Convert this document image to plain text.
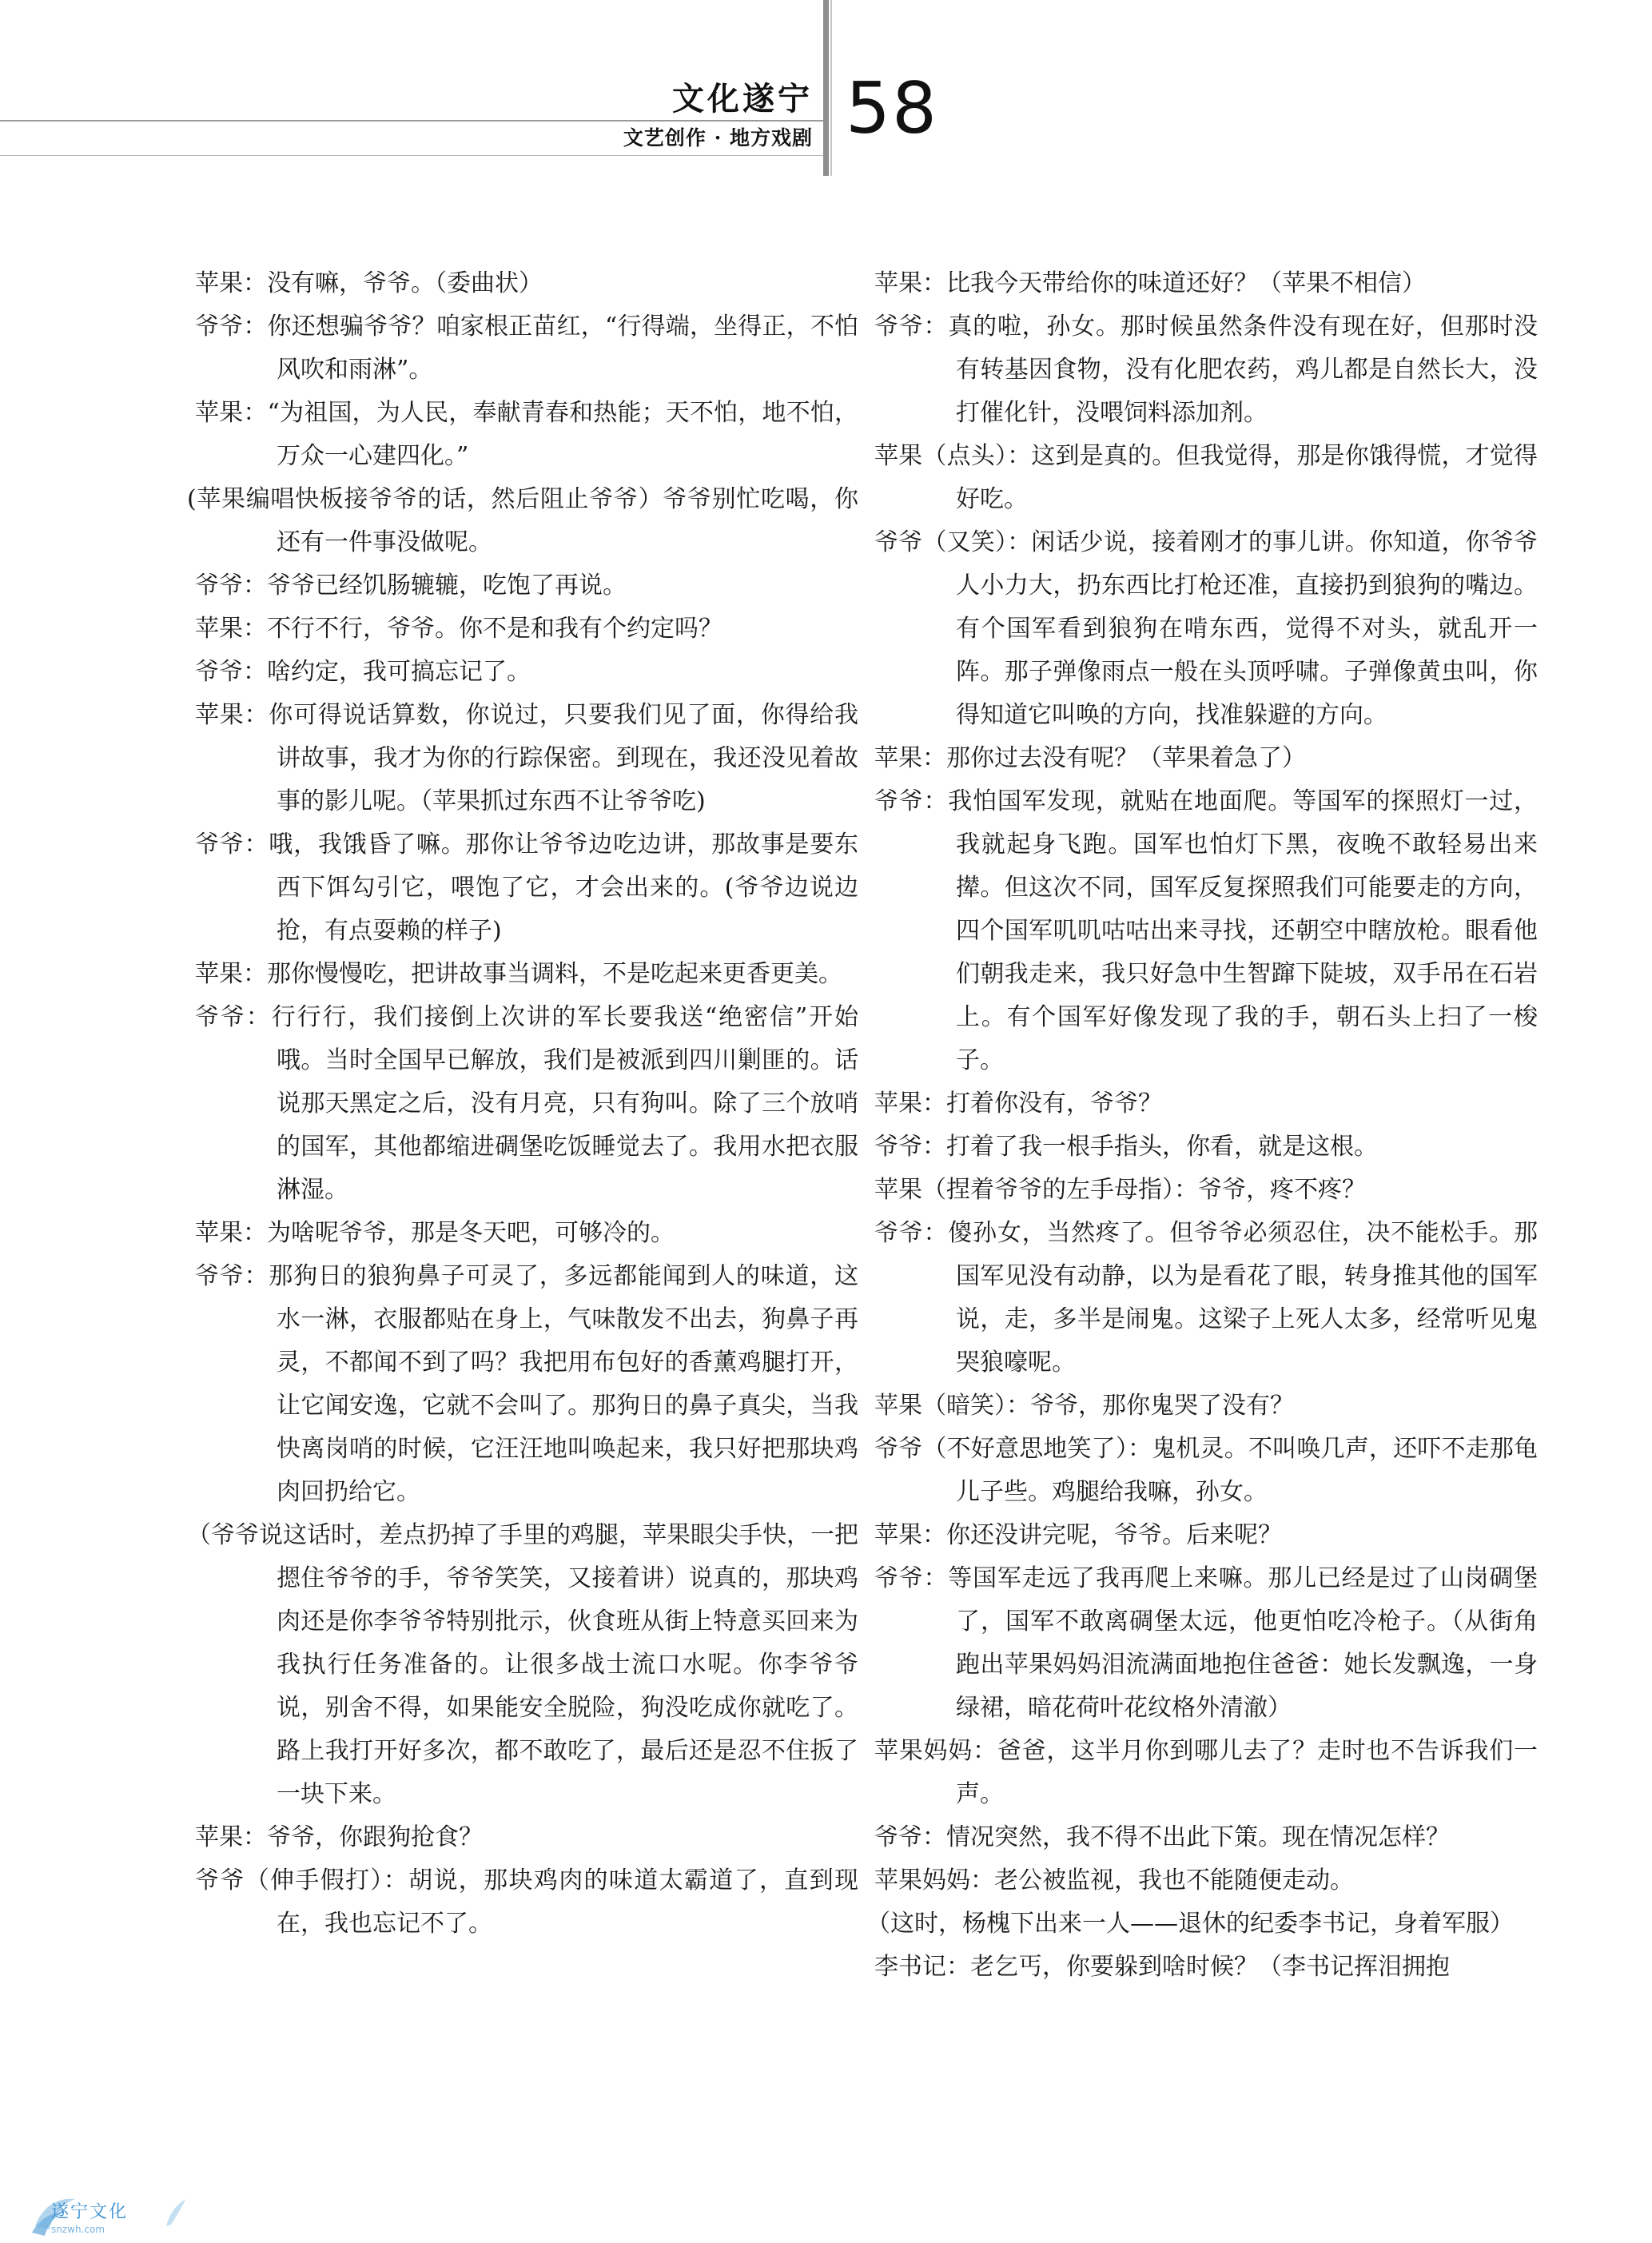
文化遂宁
文艺创作 · 地方戏剧 58

苹果：没有嘛，爷爷。（委曲状）

爷爷：你还想骗爷爷？咱家根正苗红，“行得端，坐得正，不怕风吹和雨淋”。

苹果：“为祖国，为人民，奉献青春和热能；天不怕，地不怕，万众一心建四化。”

(苹果编唱快板接爷爷的话，然后阻止爷爷）爷爷别忙吃喝，你还有一件事没做呢。

爷爷：爷爷已经饥肠辘辘，吃饱了再说。

苹果：不行不行，爷爷。你不是和我有个约定吗？

爷爷：啥约定，我可搞忘记了。

苹果：你可得说话算数，你说过，只要我们见了面，你得给我讲故事，我才为你的行踪保密。到现在，我还没见着故事的影儿呢。（苹果抓过东西不让爷爷吃)

爷爷：哦，我饿昏了嘛。那你让爷爷边吃边讲，那故事是要东西下饵勾引它，喂饱了它，才会出来的。(爷爷边说边抢，有点耍赖的样子)

苹果：那你慢慢吃，把讲故事当调料，不是吃起来更香更美。

爷爷：行行行，我们接倒上次讲的军长要我送“绝密信”开始哦。当时全国早已解放，我们是被派到四川剿匪的。话说那天黑定之后，没有月亮，只有狗叫。除了三个放哨的国军，其他都缩进碉堡吃饭睡觉去了。我用水把衣服淋湿。

苹果：为啥呢爷爷，那是冬天吧，可够冷的。

爷爷：那狗日的狼狗鼻子可灵了，多远都能闻到人的味道，这水一淋，衣服都贴在身上，气味散发不出去，狗鼻子再灵，不都闻不到了吗？我把用布包好的香薰鸡腿打开，让它闻安逸，它就不会叫了。那狗日的鼻子真尖，当我快离岗哨的时候，它汪汪地叫唤起来，我只好把那块鸡肉回扔给它。

（爷爷说这话时，差点扔掉了手里的鸡腿，苹果眼尖手快，一把摁住爷爷的手，爷爷笑笑，又接着讲）说真的，那块鸡肉还是你李爷爷特别批示，伙食班从街上特意买回来为我执行任务准备的。让很多战士流口水呢。你李爷爷说，别舍不得，如果能安全脱险，狗没吃成你就吃了。路上我打开好多次，都不敢吃了，最后还是忍不住扳了一块下来。

苹果：爷爷，你跟狗抢食？

爷爷（伸手假打）：胡说，那块鸡肉的味道太霸道了，直到现在，我也忘记不了。

苹果：比我今天带给你的味道还好？（苹果不相信）

爷爷：真的啦，孙女。那时候虽然条件没有现在好，但那时没有转基因食物，没有化肥农药，鸡儿都是自然长大，没打催化针，没喂饲料添加剂。

苹果（点头）：这到是真的。但我觉得，那是你饿得慌，才觉得好吃。

爷爷（又笑）：闲话少说，接着刚才的事儿讲。你知道，你爷爷人小力大，扔东西比打枪还准，直接扔到狼狗的嘴边。有个国军看到狼狗在啃东西，觉得不对头，就乱开一阵。那子弹像雨点一般在头顶呼啸。子弹像黄虫叫，你得知道它叫唤的方向，找准躲避的方向。

苹果：那你过去没有呢？（苹果着急了）

爷爷：我怕国军发现，就贴在地面爬。等国军的探照灯一过，我就起身飞跑。国军也怕灯下黑，夜晚不敢轻易出来撵。但这次不同，国军反复探照我们可能要走的方向，四个国军叽叽咕咕出来寻找，还朝空中瞎放枪。眼看他们朝我走来，我只好急中生智蹿下陡坡，双手吊在石岩上。有个国军好像发现了我的手，朝石头上扫了一梭子。

苹果：打着你没有，爷爷？

爷爷：打着了我一根手指头，你看，就是这根。

苹果（捏着爷爷的左手母指）：爷爷，疼不疼？

爷爷：傻孙女，当然疼了。但爷爷必须忍住，决不能松手。那国军见没有动静，以为是看花了眼，转身推其他的国军说，走，多半是闹鬼。这梁子上死人太多，经常听见鬼哭狼嚎呢。

苹果（暗笑）：爷爷，那你鬼哭了没有？

爷爷（不好意思地笑了）：鬼机灵。不叫唤几声，还吓不走那龟儿子些。鸡腿给我嘛，孙女。

苹果：你还没讲完呢，爷爷。后来呢？

爷爷：等国军走远了我再爬上来嘛。那儿已经是过了山岗碉堡了，国军不敢离碉堡太远，他更怕吃冷枪子。（从街角跑出苹果妈妈泪流满面地抱住爸爸：她长发飘逸，一身绿裙，暗花荷叶花纹格外清澈）

苹果妈妈：爸爸，这半月你到哪儿去了？走时也不告诉我们一声。

爷爷：情况突然，我不得不出此下策。现在情况怎样？

苹果妈妈：老公被监视，我也不能随便走动。

（这时，杨槐下出来一人——退休的纪委李书记，身着军服）

李书记：老乞丐，你要躲到啥时候？（李书记挥泪拥抱

遂宁文化
snzwh.com
